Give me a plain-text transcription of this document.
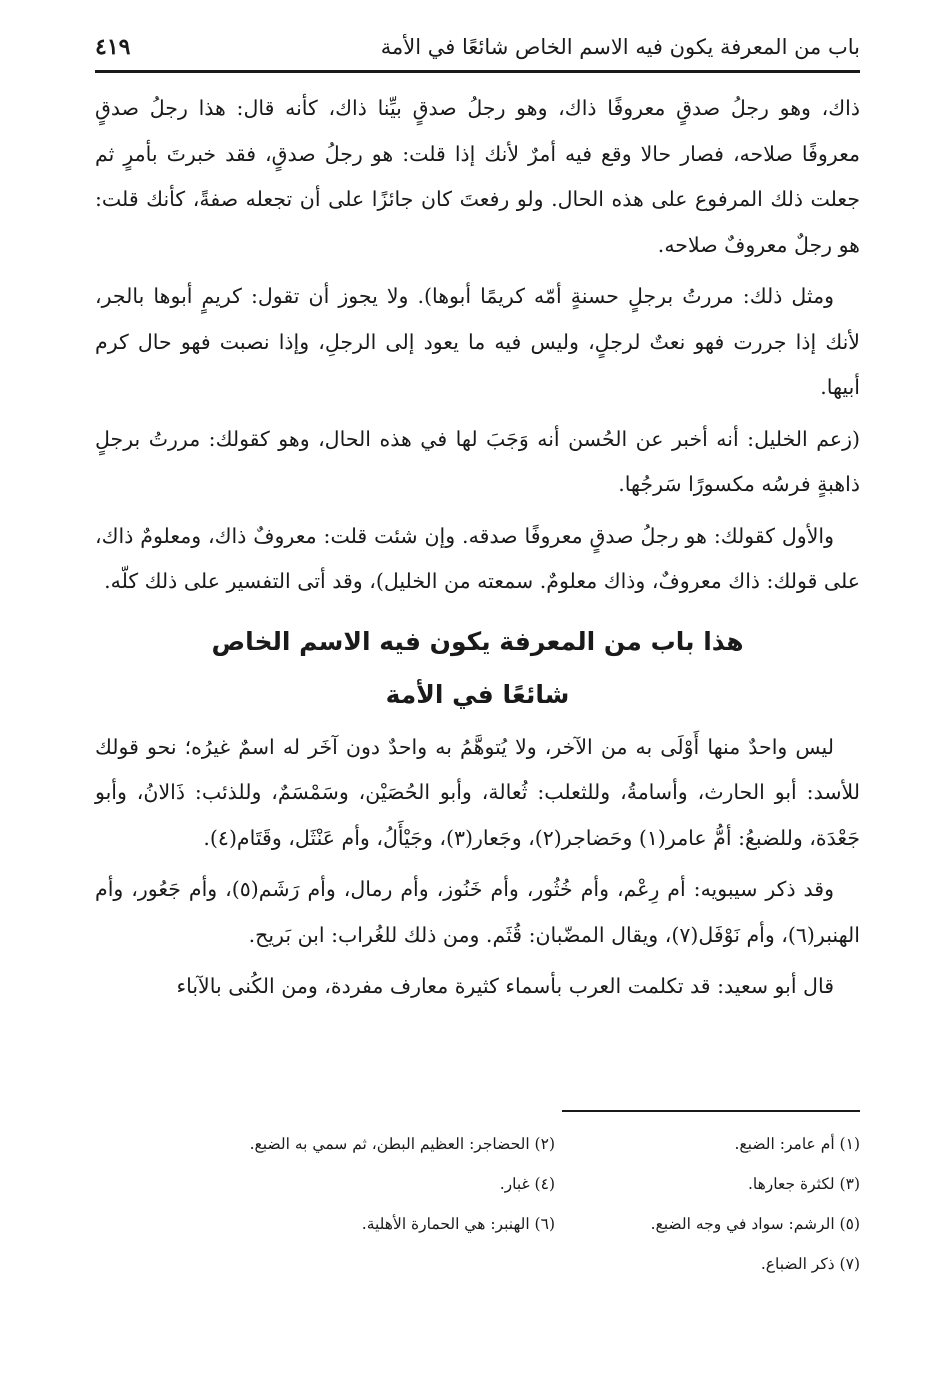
باب من المعرفة يكون فيه الاسم الخاص شائعًا في الأمة
٤١٩

ذاك، وهو رجلُ صدقٍ معروفًا ذاك، وهو رجلُ صدقٍ بيِّنا ذاك، كأنه قال: هذا رجلُ صدقٍ معروفًا صلاحه، فصار حالا وقع فيه أمرٌ لأنك إذا قلت: هو رجلُ صدقٍ، فقد خبرتَ بأمرٍ ثم جعلت ذلك المرفوع على هذه الحال. ولو رفعتَ كان جائزًا على أن تجعله صفةً، كأنك قلت: هو رجلٌ معروفٌ صلاحه.

ومثل ذلك: مررتُ برجلٍ حسنةٍ أمّه كريمًا أبوها). ولا يجوز أن تقول: كريمٍ أبوها بالجر، لأنك إذا جررت فهو نعتٌ لرجلٍ، وليس فيه ما يعود إلى الرجلِ، وإذا نصبت فهو حال كرم أبيها.

(زعم الخليل: أنه أخبر عن الحُسن أنه وَجَبَ لها في هذه الحال، وهو كقولك: مررتُ برجلٍ ذاهبةٍ فرسُه مكسورًا سَرجُها.

والأول كقولك: هو رجلُ صدقٍ معروفًا صدقه. وإن شئت قلت: معروفٌ ذاك، ومعلومٌ ذاك، على قولك: ذاك معروفٌ، وذاك معلومٌ. سمعته من الخليل)، وقد أتى التفسير على ذلك كلّه.

هذا باب من المعرفة يكون فيه الاسم الخاص
شائعًا في الأمة

ليس واحدٌ منها أَوْلَى به من الآخر، ولا يُتوهَّمُ به واحدٌ دون آخَر له اسمٌ غيرُه؛ نحو قولك للأسد: أبو الحارث، وأسامةُ، وللثعلب: ثُعالة، وأبو الحُصَيْن، وسَمْسَمٌ، وللذئب: ذَالانُ، وأبو جَعْدَة، وللضبعُ: أمُّ عامر(١) وحَضاجر(٢)، وجَعار(٣)، وجَيْأَلُ، وأم عَنْثَل، وقَتَام(٤).

وقد ذكر سيبويه: أم رِعْم، وأم خُثُور، وأم خَنُوز، وأم رمال، وأم رَشَم(٥)، وأم جَعُور، وأم الهنبر(٦)، وأم نَوْفَل(٧)، ويقال المضّبان: قُثَم. ومن ذلك للغُراب: ابن بَريح.

قال أبو سعيد: قد تكلمت العرب بأسماء كثيرة معارف مفردة، ومن الكُنى بالآباء

(١) أم عامر: الضبع.
(٢) الحضاجر: العظيم البطن، ثم سمي به الضبع.
(٣) لكثرة جعارها.
(٤) غبار.
(٥) الرشم: سواد في وجه الضبع.
(٦) الهنبر: هي الحمارة الأهلية.
(٧) ذكر الضباع.
